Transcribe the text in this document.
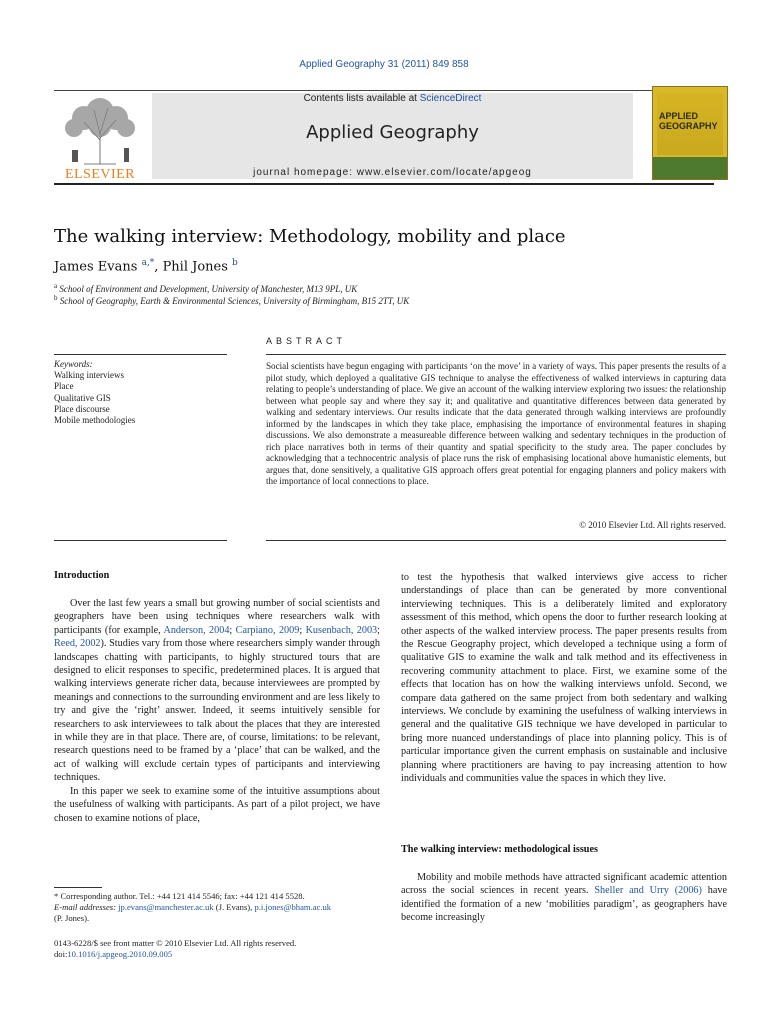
Applied Geography 31 (2011) 849 858
ELSEVIER
Contents lists available at ScienceDirect
Applied Geography
journal homepage: www.elsevier.com/locate/apgeog
APPLIED
GEOGRAPHY
The walking interview: Methodology, mobility and place
James Evans $^{a,*}$, Phil Jones $^b$
$^a$ School of Environment and Development, University of Manchester, M13 9PL, UK
$^b$ School of Geography, Earth & Environmental Sciences, University of Birmingham, B15 2TT, UK
ABSTRACT
Keywords:
Walking interviews
Place
Qualitative GIS
Place discourse
Mobile methodologies
Social scientists have begun engaging with participants ‘on the move’ in a variety of ways. This paper presents the results of a pilot study, which deployed a qualitative GIS technique to analyse the effectiveness of walked interviews in capturing data relating to people’s understanding of place. We give an account of the walking interview exploring two issues: the relationship between what people say and where they say it; and qualitative and quantitative differences between data generated by walking and sedentary interviews. Our results indicate that the data generated through walking interviews are profoundly informed by the landscapes in which they take place, emphasising the importance of environmental features in shaping discussions. We also demonstrate a measureable difference between walking and sedentary techniques in the production of rich place narratives both in terms of their quantity and spatial specificity to the study area. The paper concludes by acknowledging that a technocentric analysis of place runs the risk of emphasising locational above humanistic elements, but argues that, done sensitively, a qualitative GIS approach offers great potential for engaging planners and policy makers with the importance of local connections to place.
© 2010 Elsevier Ltd. All rights reserved.
Introduction

Over the last few years a small but growing number of social scientists and geographers have been using techniques where researchers walk with participants (for example, Anderson, 2004; Carpiano, 2009; Kusenbach, 2003; Reed, 2002). Studies vary from those where researchers simply wander through landscapes chatting with participants, to highly structured tours that are designed to elicit responses to specific, predetermined places. It is argued that walking interviews generate richer data, because interviewees are prompted by meanings and connections to the surrounding environment and are less likely to try and give the ‘right’ answer. Indeed, it seems intuitively sensible for researchers to ask interviewees to talk about the places that they are interested in while they are in that place. There are, of course, limitations: to be relevant, research questions need to be framed by a ‘place’ that can be walked, and the act of walking will exclude certain types of participants and interviewing techniques.

In this paper we seek to examine some of the intuitive assumptions about the usefulness of walking with participants. As part of a pilot project, we have chosen to examine notions of place,

to test the hypothesis that walked interviews give access to richer understandings of place than can be generated by more conventional interviewing techniques. This is a deliberately limited and exploratory assessment of this method, which opens the door to further research looking at other aspects of the walked interview process. The paper presents results from the Rescue Geography project, which developed a technique using a form of qualitative GIS to examine the walk and talk method and its effectiveness in recovering community attachment to place. First, we examine some of the effects that location has on how the walking interviews unfold. Second, we compare data gathered on the same project from both sedentary and walking interviews. We conclude by examining the usefulness of walking interviews in general and the qualitative GIS technique we have developed in particular to bring more nuanced understandings of place into planning policy. This is of particular importance given the current emphasis on sustainable and inclusive planning where practitioners are having to pay increasing attention to how individuals and communities value the spaces in which they live.

The walking interview: methodological issues

Mobility and mobile methods have attracted significant academic attention across the social sciences in recent years. Sheller and Urry (2006) have identified the formation of a new ‘mobilities paradigm’, as geographers have become increasingly

* Corresponding author. Tel.: +44 121 414 5546; fax: +44 121 414 5528.
E-mail addresses: jp.evans@manchester.ac.uk (J. Evans), p.i.jones@bham.ac.uk
(P. Jones).
0143-6228/$ see front matter © 2010 Elsevier Ltd. All rights reserved.
doi:10.1016/j.apgeog.2010.09.005
